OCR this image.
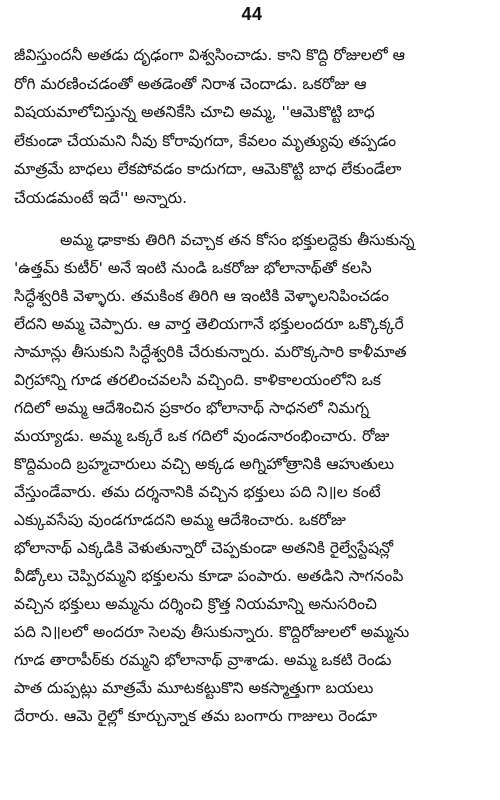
44
జీవిస్తుందనీ అతడు దృఢంగా విశ్వసించాడు. కాని కొద్ది రోజులలో ఆ
రోగి మరణించడంతో అతడెంతో నిరాశ చెందాడు. ఒకరోజు ఆ
విషయమాలోచిస్తున్న అతనికేసి చూచి అమ్మ, ''ఆమెకొట్టి బాధ
లేకుండా చేయమని నీవు కోరావుగదా, కేవలం మృత్యువు తప్పడం
మాత్రమే బాధలు లేకపోవడం కాదుగదా, ఆమెకొట్టి బాధ లేకుండేలా
చేయడమంటే ఇదే'' అన్నారు.
అమ్మ ఢాకాకు తిరిగి వచ్చాక తన కోసం భక్తులద్దెకు తీసుకున్న
'ఉత్తమ్ కుటీర్' అనే ఇంటి నుండి ఒకరోజు భోలానాథ్‌తో కలసి
సిద్ధేశ్వరికి వెళ్ళారు. తమకింక తిరిగి ఆ ఇంటికి వెళ్ళాలనిపించడం
లేదని అమ్మ చెప్పారు. ఆ వార్త తెలియగానే భక్తులందరూ ఒక్కొక్కరే
సామాన్లు తీసుకుని సిద్ధేశ్వరికి చేరుకున్నారు. మరొక్కసారి కాళీమాత
విగ్రహాన్ని గూడ తరలించవలసి వచ్చింది. కాళికాలయంలోని ఒక
గదిలో అమ్మ ఆదేశించిన ప్రకారం భోలానాథ్ సాధనలో నిమగ్న
మయ్యాడు. అమ్మ ఒక్కరే ఒక గదిలో వుండనారంభించారు. రోజు
కొద్దిమంది బ్రహ్మచారులు వచ్చి అక్కడ అగ్నిహోత్రానికి ఆహుతులు
వేస్తుండేవారు. తమ దర్శనానికి వచ్చిన భక్తులు పది ని॥ల కంటే
ఎక్కువసేపు వుండగూడదని అమ్మ ఆదేశించారు. ఒకరోజు
భోలానాథ్ ఎక్కడికి వెళుతున్నారో చెప్పకుండా అతనికి రైల్వేస్టేషన్లో
వీడ్కోలు చెప్పిరమ్మని భక్తులను కూడా పంపారు. అతడిని సాగనంపి
వచ్చిన భక్తులు అమ్మను దర్శించి క్రొత్త నియమాన్ని అనుసరించి
పది ని॥లలో అందరూ సెలవు తీసుకున్నారు. కొద్దిరోజులలో అమ్మను
గూడ తారాపీఠ్‌కు రమ్మని భోలానాథ్ వ్రాశాడు. అమ్మ ఒకటి రెండు
పాత దుప్పట్లు మాత్రమే మూటకట్టుకొని అకస్మాత్తుగా బయలు
దేరారు. ఆమె రైల్లో కూర్చున్నాక తమ బంగారు గాజులు రెండూ
